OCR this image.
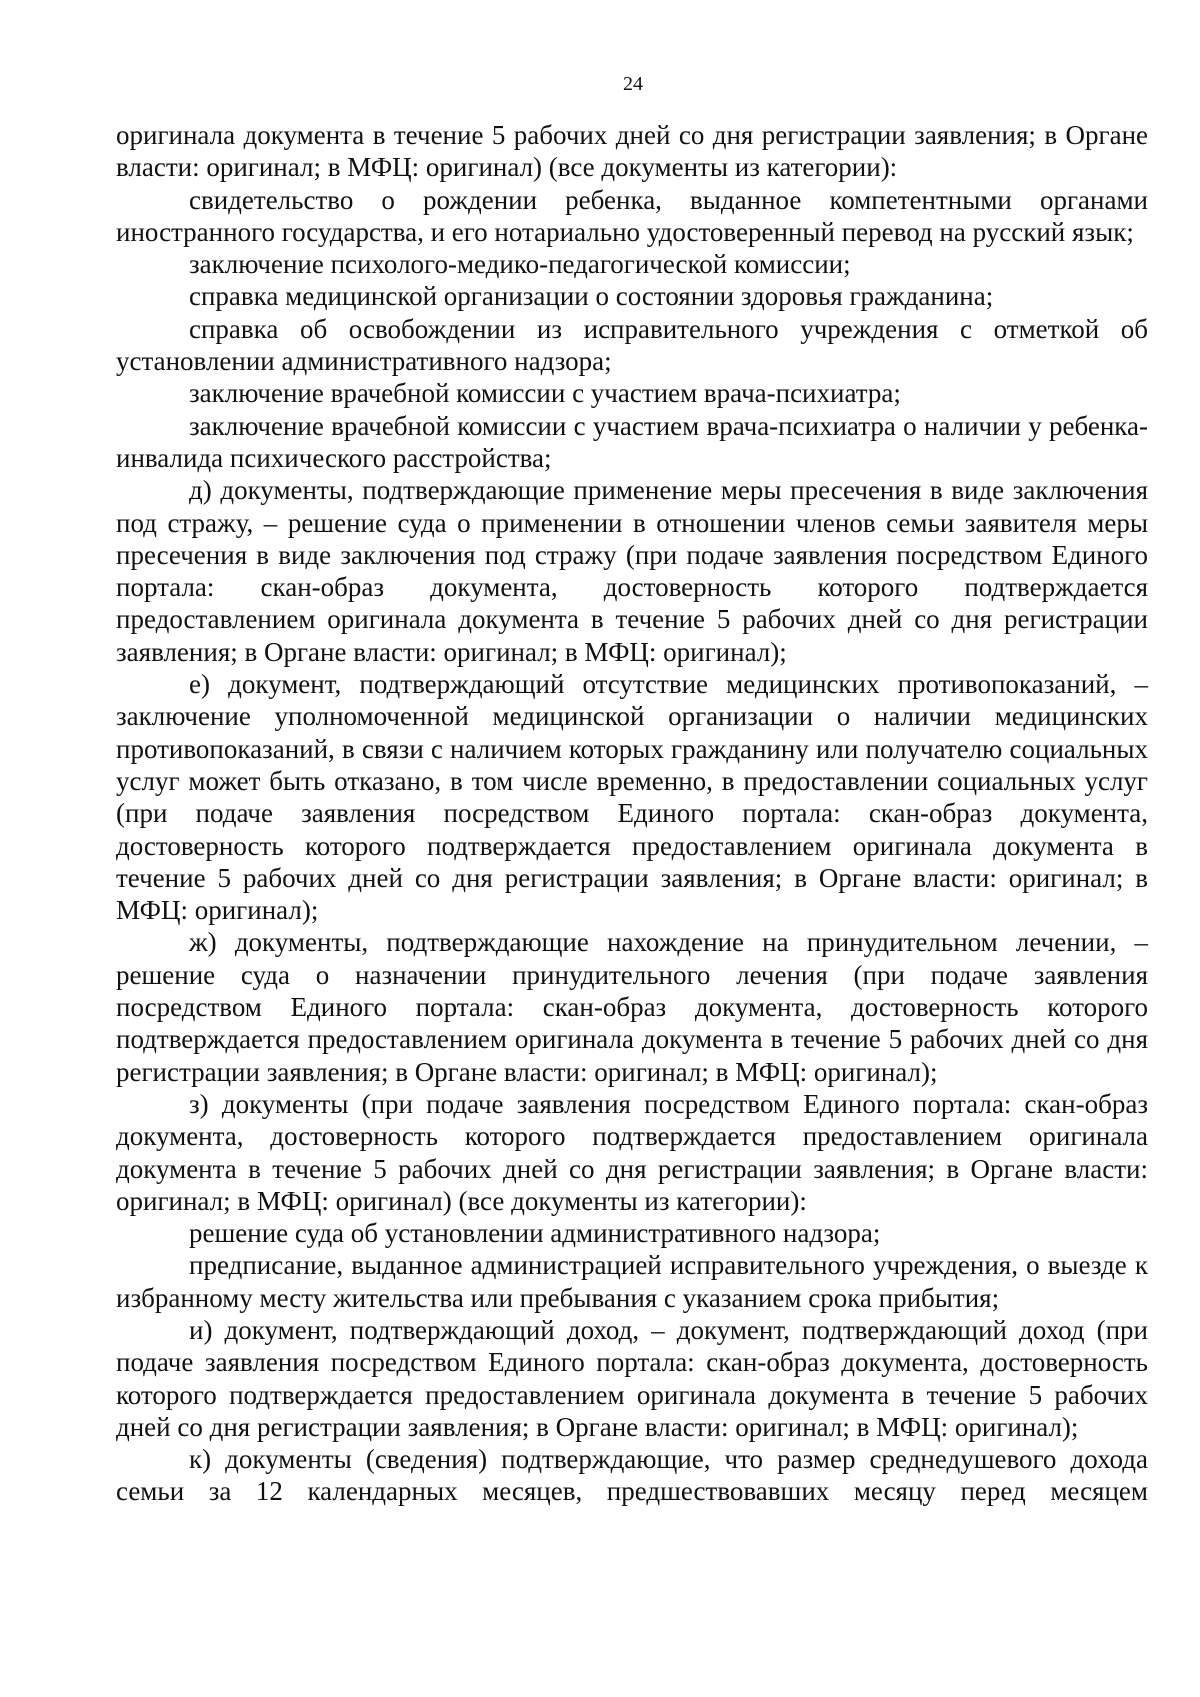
24

оригинала документа в течение 5 рабочих дней со дня регистрации заявления; в Органе власти: оригинал; в МФЦ: оригинал) (все документы из категории):

свидетельство о рождении ребенка, выданное компетентными органами иностранного государства, и его нотариально удостоверенный перевод на русский язык;

заключение психолого-медико-педагогической комиссии;

справка медицинской организации о состоянии здоровья гражданина;

справка об освобождении из исправительного учреждения с отметкой об установлении административного надзора;

заключение врачебной комиссии с участием врача-психиатра;

заключение врачебной комиссии с участием врача-психиатра о наличии у ребенка-инвалида психического расстройства;

д) документы, подтверждающие применение меры пресечения в виде заключения под стражу, – решение суда о применении в отношении членов семьи заявителя меры пресечения в виде заключения под стражу (при подаче заявления посредством Единого портала: скан-образ документа, достоверность которого подтверждается предоставлением оригинала документа в течение 5 рабочих дней со дня регистрации заявления; в Органе власти: оригинал; в МФЦ: оригинал);

е) документ, подтверждающий отсутствие медицинских противопоказаний, – заключение уполномоченной медицинской организации о наличии медицинских противопоказаний, в связи с наличием которых гражданину или получателю социальных услуг может быть отказано, в том числе временно, в предоставлении социальных услуг (при подаче заявления посредством Единого портала: скан-образ документа, достоверность которого подтверждается предоставлением оригинала документа в течение 5 рабочих дней со дня регистрации заявления; в Органе власти: оригинал; в МФЦ: оригинал);

ж) документы, подтверждающие нахождение на принудительном лечении, – решение суда о назначении принудительного лечения (при подаче заявления посредством Единого портала: скан-образ документа, достоверность которого подтверждается предоставлением оригинала документа в течение 5 рабочих дней со дня регистрации заявления; в Органе власти: оригинал; в МФЦ: оригинал);

з) документы (при подаче заявления посредством Единого портала: скан-образ документа, достоверность которого подтверждается предоставлением оригинала документа в течение 5 рабочих дней со дня регистрации заявления; в Органе власти: оригинал; в МФЦ: оригинал) (все документы из категории):

решение суда об установлении административного надзора;

предписание, выданное администрацией исправительного учреждения, о выезде к избранному месту жительства или пребывания с указанием срока прибытия;

и) документ, подтверждающий доход, – документ, подтверждающий доход (при подаче заявления посредством Единого портала: скан-образ документа, достоверность которого подтверждается предоставлением оригинала документа в течение 5 рабочих дней со дня регистрации заявления; в Органе власти: оригинал; в МФЦ: оригинал);

к) документы (сведения) подтверждающие, что размер среднедушевого дохода семьи за 12 календарных месяцев, предшествовавших месяцу перед месяцем
